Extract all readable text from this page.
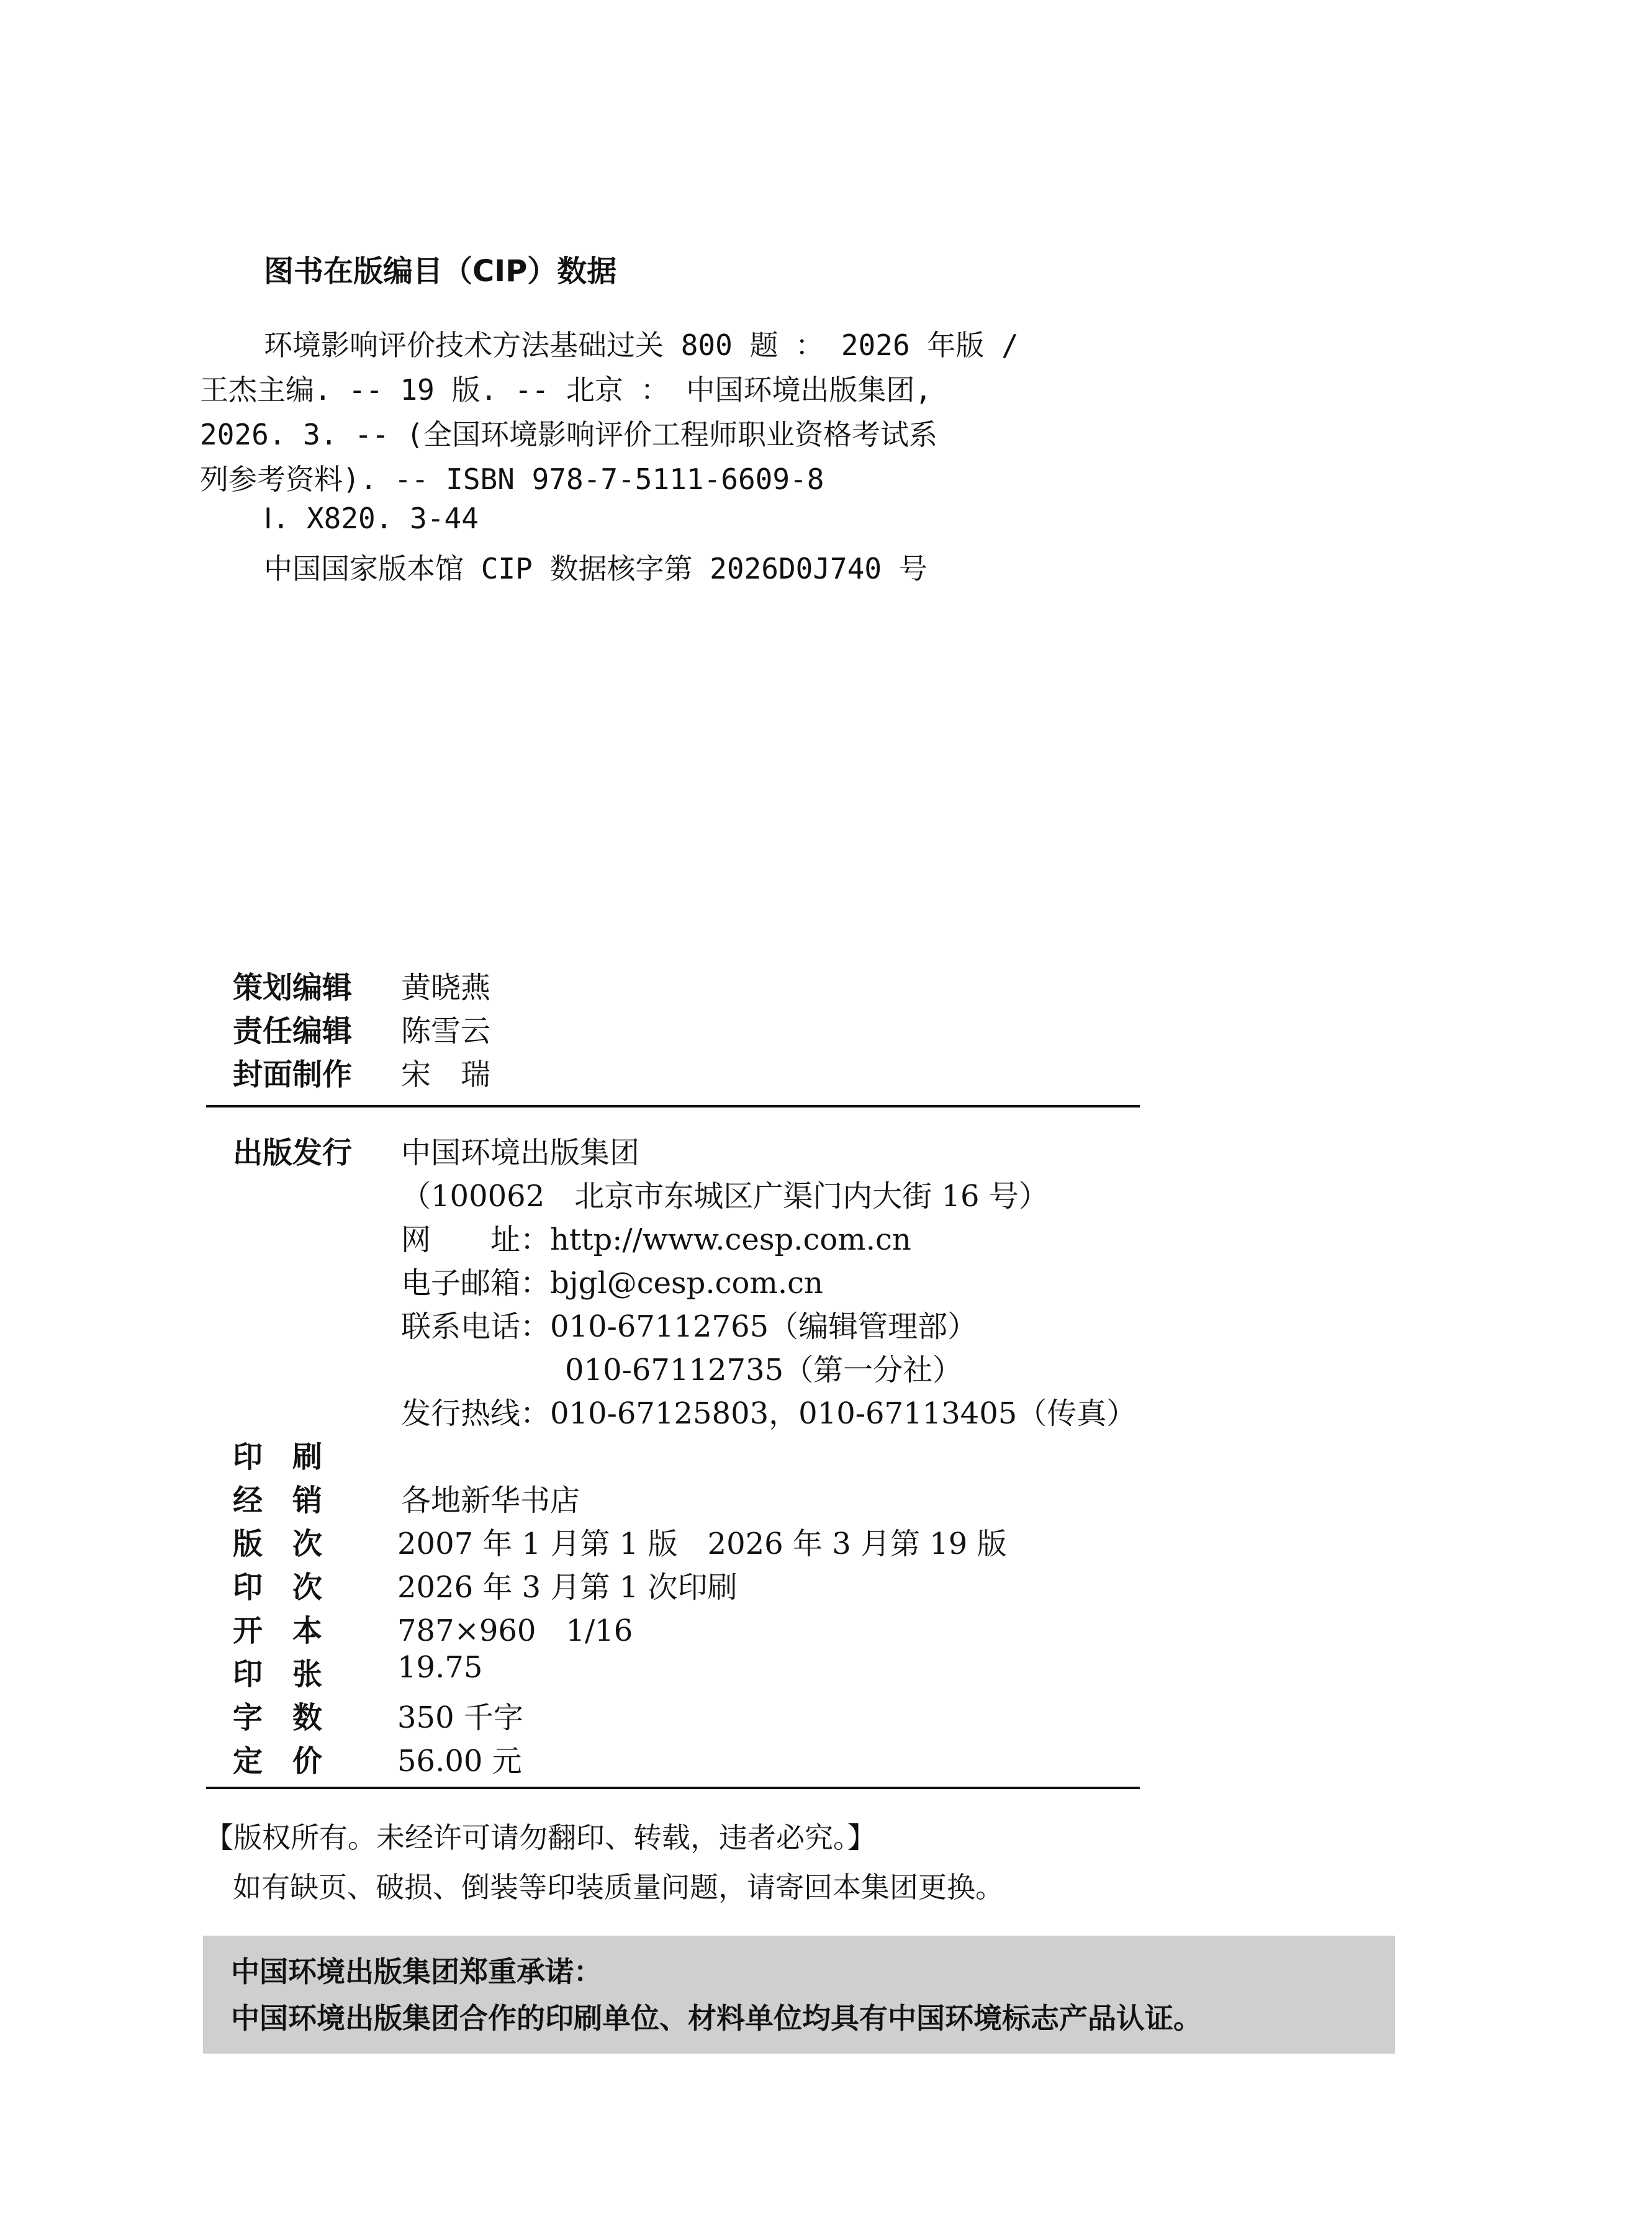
图书在版编目（CIP）数据
环境影响评价技术方法基础过关 800 题 ： 2026 年版 /
王杰主编. -- 19 版. -- 北京 ： 中国环境出版集团,
2026. 3. -- (全国环境影响评价工程师职业资格考试系
列参考资料). -- ISBN 978-7-5111-6609-8
Ⅰ. X820. 3-44
中国国家版本馆 CIP 数据核字第 2026D0J740 号
策划编辑 黄晓燕
责任编辑 陈雪云
封面制作 宋　瑞
出版发行 中国环境出版集团
（100062　北京市东城区广渠门内大街 16 号）
网　　址：http://www.cesp.com.cn
电子邮箱：bjgl@cesp.com.cn
联系电话：010-67112765（编辑管理部）
010-67112735（第一分社）
发行热线：010-67125803，010-67113405（传真）
印　刷
经　销	各地新华书店
版　次	2007 年 1 月第 1 版　2026 年 3 月第 19 版
印　次	2026 年 3 月第 1 次印刷
开　本	787×960　1/16
印　张	19.75
字　数	350 千字
定　价	56.00 元
【版权所有。未经许可请勿翻印、转载，违者必究。】
如有缺页、破损、倒装等印装质量问题，请寄回本集团更换。
中国环境出版集团郑重承诺：
中国环境出版集团合作的印刷单位、材料单位均具有中国环境标志产品认证。
